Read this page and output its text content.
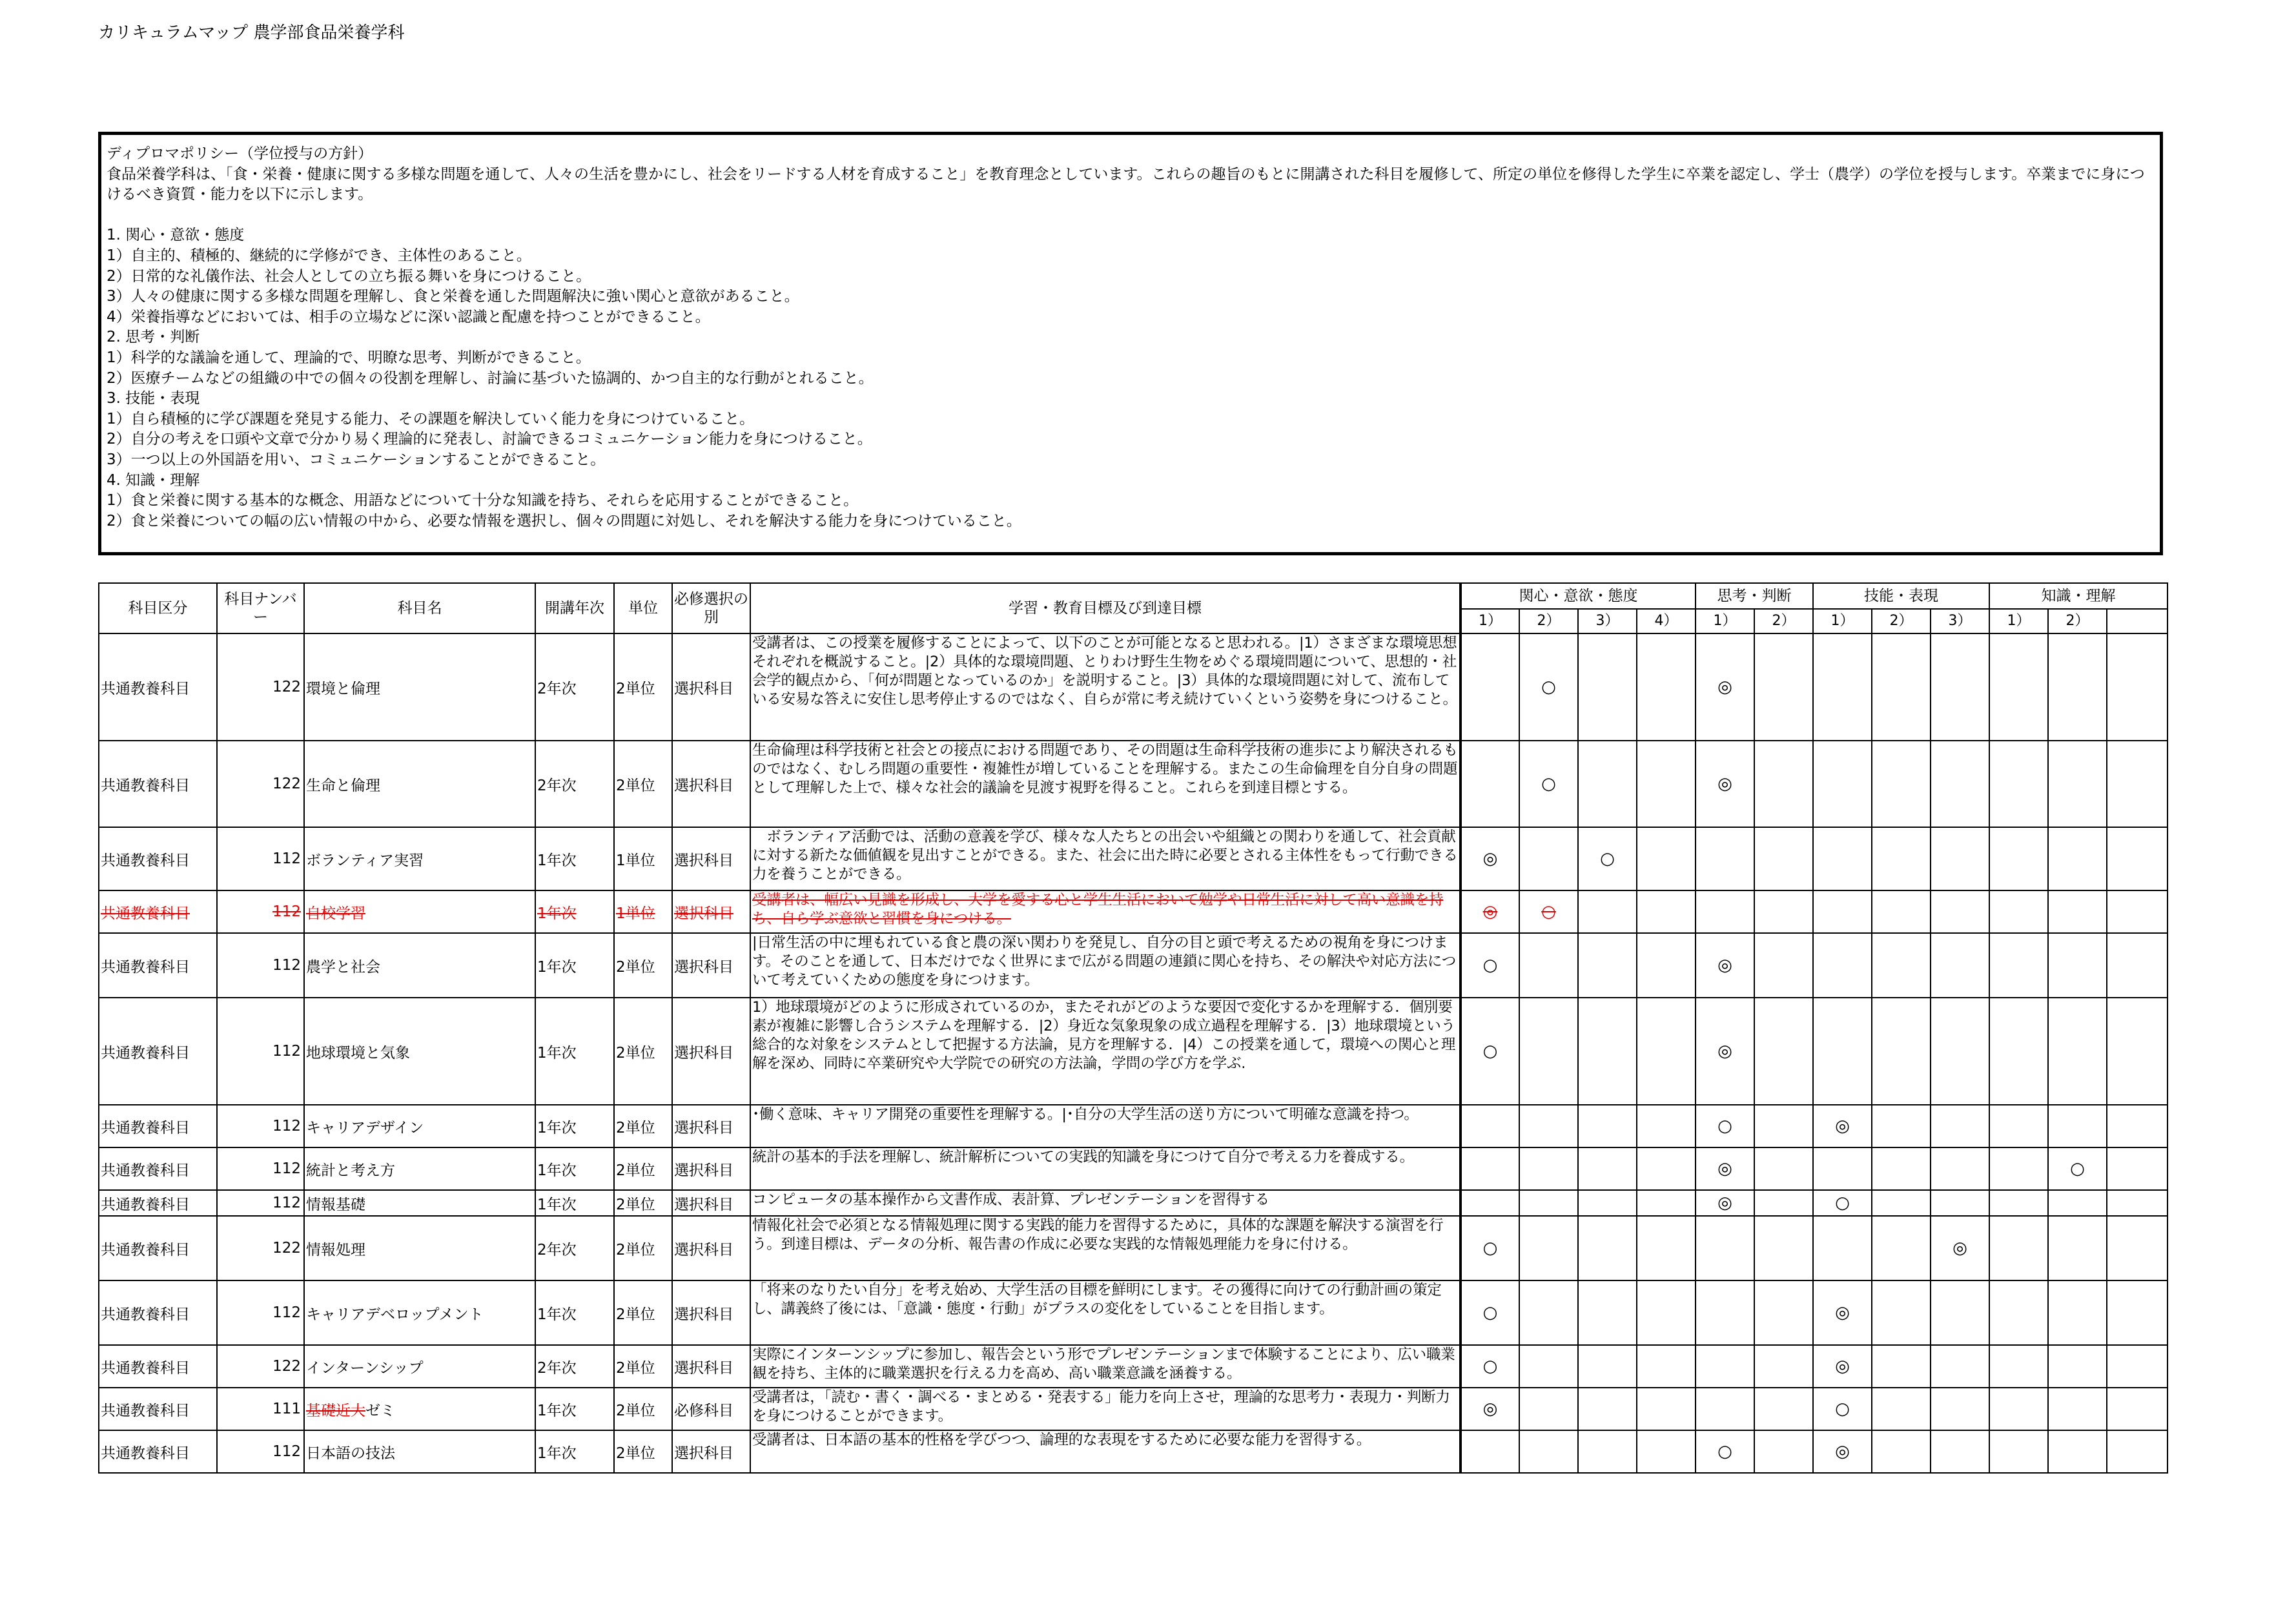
カリキュラムマップ 農学部食品栄養学科

ディプロマポリシー（学位授与の方針）

食品栄養学科は、「食・栄養・健康に関する多様な問題を通して、人々の生活を豊かにし、社会をリードする人材を育成すること」を教育理念としています。これらの趣旨のもとに開講された科目を履修して、所定の単位を修得した学生に卒業を認定し、学士（農学）の学位を授与します。卒業までに身につけるべき資質・能力を以下に示します。

1. 関心・意欲・態度

1）自主的、積極的、継続的に学修ができ、主体性のあること。

2）日常的な礼儀作法、社会人としての立ち振る舞いを身につけること。

3）人々の健康に関する多様な問題を理解し、食と栄養を通した問題解決に強い関心と意欲があること。

4）栄養指導などにおいては、相手の立場などに深い認識と配慮を持つことができること。

2. 思考・判断

1）科学的な議論を通して、理論的で、明瞭な思考、判断ができること。

2）医療チームなどの組織の中での個々の役割を理解し、討論に基づいた協調的、かつ自主的な行動がとれること。

3. 技能・表現

1）自ら積極的に学び課題を発見する能力、その課題を解決していく能力を身につけていること。

2）自分の考えを口頭や文章で分かり易く理論的に発表し、討論できるコミュニケーション能力を身につけること。

3）一つ以上の外国語を用い、コミュニケーションすることができること。

4. 知識・理解

1）食と栄養に関する基本的な概念、用語などについて十分な知識を持ち、それらを応用することができること。

2）食と栄養についての幅の広い情報の中から、必要な情報を選択し、個々の問題に対処し、それを解決する能力を身につけていること。

科目区分	科目ナンバー	科目名	開講年次	単位	必修選択の別	学習・教育目標及び到達目標	関心・意欲・態度				思考・判断		技能・表現			知識・理解		
							1）	2）	3）	4）	1）	2）	1）	2）	3）	1）	2）	
共通教養科目	122	環境と倫理	2年次	2単位	選択科目	受講者は、この授業を履修することによって、以下のことが可能となると思われる。|1）さまざまな環境思想それぞれを概説すること。|2）具体的な環境問題、とりわけ野生生物をめぐる環境問題について、思想的・社会学的観点から、「何が問題となっているのか」を説明すること。|3）具体的な環境問題に対して、流布している安易な答えに安住し思考停止するのではなく、自らが常に考え続けていくという姿勢を身につけること。		○			◎							
共通教養科目	122	生命と倫理	2年次	2単位	選択科目	生命倫理は科学技術と社会との接点における問題であり、その問題は生命科学技術の進歩により解決されるものではなく、むしろ問題の重要性・複雑性が増していることを理解する。またこの生命倫理を自分自身の問題として理解した上で、様々な社会的議論を見渡す視野を得ること。これらを到達目標とする。		○			◎							
共通教養科目	112	ボランティア実習	1年次	1単位	選択科目	　ボランティア活動では、活動の意義を学び、様々な人たちとの出会いや組織との関わりを通して、社会貢献に対する新たな価値観を見出すことができる。また、社会に出た時に必要とされる主体性をもって行動できる力を養うことができる。	◎		○									
共通教養科目	112	自校学習	1年次	1単位	選択科目	受講者は、幅広い見識を形成し、大学を愛する心と学生生活において勉学や日常生活に対して高い意識を持ち、自ら学ぶ意欲と習慣を身につける。	◎	○										
共通教養科目	112	農学と社会	1年次	2単位	選択科目	|日常生活の中に埋もれている食と農の深い関わりを発見し、自分の目と頭で考えるための視角を身につけます。そのことを通して、日本だけでなく世界にまで広がる問題の連鎖に関心を持ち、その解決や対応方法について考えていくための態度を身につけます。	○				◎							
共通教養科目	112	地球環境と気象	1年次	2単位	選択科目	1）地球環境がどのように形成されているのか，またそれがどのような要因で変化するかを理解する．個別要素が複雑に影響し合うシステムを理解する．|2）身近な気象現象の成立過程を理解する．|3）地球環境という総合的な対象をシステムとして把握する方法論，見方を理解する．|4）この授業を通して，環境への関心と理解を深め、同時に卒業研究や大学院での研究の方法論，学問の学び方を学ぶ.	○				◎							
共通教養科目	112	キャリアデザイン	1年次	2単位	選択科目	･働く意味、キャリア開発の重要性を理解する。|･自分の大学生活の送り方について明確な意識を持つ。					○		◎					
共通教養科目	112	統計と考え方	1年次	2単位	選択科目	統計の基本的手法を理解し、統計解析についての実践的知識を身につけて自分で考える力を養成する。					◎						○	
共通教養科目	112	情報基礎	1年次	2単位	選択科目	コンピュータの基本操作から文書作成、表計算、プレゼンテーションを習得する					◎		○					
共通教養科目	122	情報処理	2年次	2単位	選択科目	情報化社会で必須となる情報処理に関する実践的能力を習得するために，具体的な課題を解決する演習を行う。到達目標は、データの分析、報告書の作成に必要な実践的な情報処理能力を身に付ける。	○								◎			
共通教養科目	112	キャリアデベロップメント	1年次	2単位	選択科目	「将来のなりたい自分」を考え始め、大学生活の目標を鮮明にします。その獲得に向けての行動計画の策定し、講義終了後には、「意識・態度・行動」がプラスの変化をしていることを目指します。	○						◎					
共通教養科目	122	インターンシップ	2年次	2単位	選択科目	実際にインターンシップに参加し、報告会という形でプレゼンテーションまで体験することにより、広い職業観を持ち、主体的に職業選択を行える力を高め、高い職業意識を涵養する。	○						◎					
共通教養科目	111	基礎近大ゼミ	1年次	2単位	必修科目	受講者は，「読む・書く・調べる・まとめる・発表する」能力を向上させ，理論的な思考力・表現力・判断力を身につけることができます。	◎						○					
共通教養科目	112	日本語の技法	1年次	2単位	選択科目	受講者は、日本語の基本的性格を学びつつ、論理的な表現をするために必要な能力を習得する。					○		◎					
